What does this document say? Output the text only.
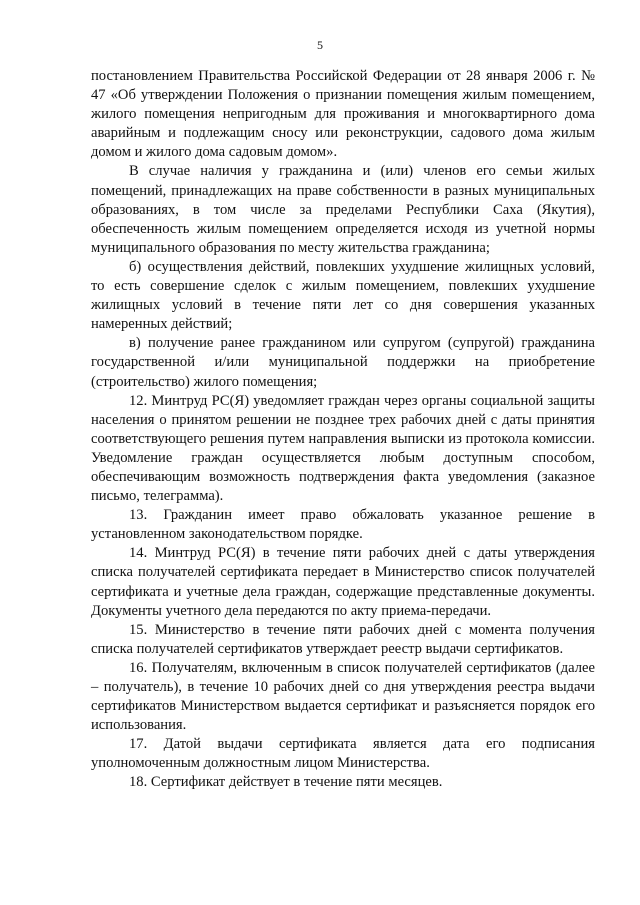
5

постановлением Правительства Российской Федерации от 28 января 2006 г. № 47 «Об утверждении Положения о признании помещения жилым помещением, жилого помещения непригодным для проживания и многоквартирного дома аварийным и подлежащим сносу или реконструкции, садового дома жилым домом и жилого дома садовым домом».

В случае наличия у гражданина и (или) членов его семьи жилых помещений, принадлежащих на праве собственности в разных муниципальных образованиях, в том числе за пределами Республики Саха (Якутия), обеспеченность жилым помещением определяется исходя из учетной нормы муниципального образования по месту жительства гражданина;

б) осуществления действий, повлекших ухудшение жилищных условий, то есть совершение сделок с жилым помещением, повлекших ухудшение жилищных условий в течение пяти лет со дня совершения указанных намеренных действий;

в) получение ранее гражданином или супругом (супругой) гражданина государственной и/или муниципальной поддержки на приобретение (строительство) жилого помещения;

12. Минтруд РС(Я) уведомляет граждан через органы социальной защиты населения о принятом решении не позднее трех рабочих дней с даты принятия соответствующего решения путем направления выписки из протокола комиссии. Уведомление граждан осуществляется любым доступным способом, обеспечивающим возможность подтверждения факта уведомления (заказное письмо, телеграмма).

13. Гражданин имеет право обжаловать указанное решение в установленном законодательством порядке.

14. Минтруд РС(Я) в течение пяти рабочих дней с даты утверждения списка получателей сертификата передает в Министерство список получателей сертификата и учетные дела граждан, содержащие представленные документы. Документы учетного дела передаются по акту приема-передачи.

15. Министерство в течение пяти рабочих дней с момента получения списка получателей сертификатов утверждает реестр выдачи сертификатов.

16. Получателям, включенным в список получателей сертификатов (далее – получатель), в течение 10 рабочих дней со дня утверждения реестра выдачи сертификатов Министерством выдается сертификат и разъясняется порядок его использования.

17. Датой выдачи сертификата является дата его подписания уполномоченным должностным лицом Министерства.

18. Сертификат действует в течение пяти месяцев.
